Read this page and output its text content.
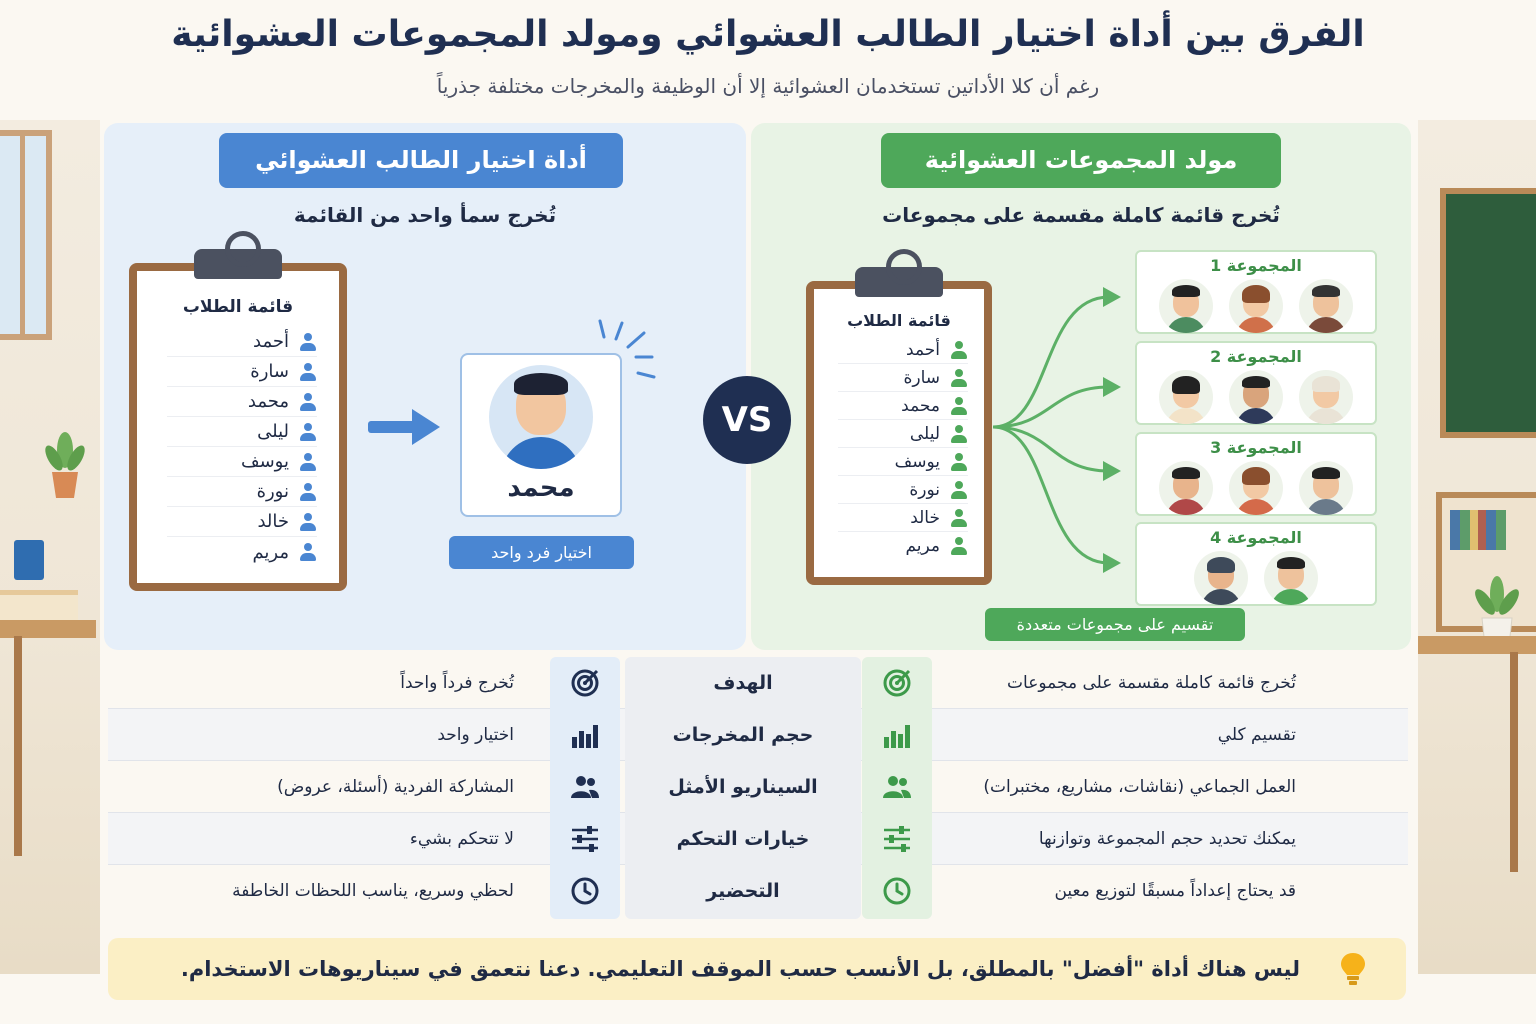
الفرق بين أداة اختيار الطالب العشوائي ومولد المجموعات العشوائية
رغم أن كلا الأداتين تستخدمان العشوائية إلا أن الوظيفة والمخرجات مختلفة جذرياً
أداة اختيار الطالب العشوائي
تُخرج سمأ واحد من القائمة
قائمة الطلاب
أحمد
سارة
محمد
ليلى
يوسف
نورة
خالد
مريم
محمد
اختيار فرد واحد
VS
مولد المجموعات العشوائية
تُخرج قائمة كاملة مقسمة على مجموعات
قائمة الطلاب
أحمد
سارة
محمد
ليلى
يوسف
نورة
خالد
مريم
المجموعة 1
المجموعة 2
المجموعة 3
المجموعة 4
تقسيم على مجموعات متعددة
تُخرج فرداً واحداً	الهدف	تُخرج قائمة كاملة مقسمة على مجموعات
اختيار واحد	حجم المخرجات	تقسيم كلي
المشاركة الفردية (أسئلة، عروض)	السيناريو الأمثل	العمل الجماعي (نقاشات، مشاريع، مختبرات)
لا تتحكم بشيء	خيارات التحكم	يمكنك تحديد حجم المجموعة وتوازنها
لحظي وسريع، يناسب اللحظات الخاطفة	التحضير	قد يحتاج إعداداً مسبقًا لتوزيع معين
ليس هناك أداة "أفضل" بالمطلق، بل الأنسب حسب الموقف التعليمي. دعنا نتعمق في سيناريوهات الاستخدام.
